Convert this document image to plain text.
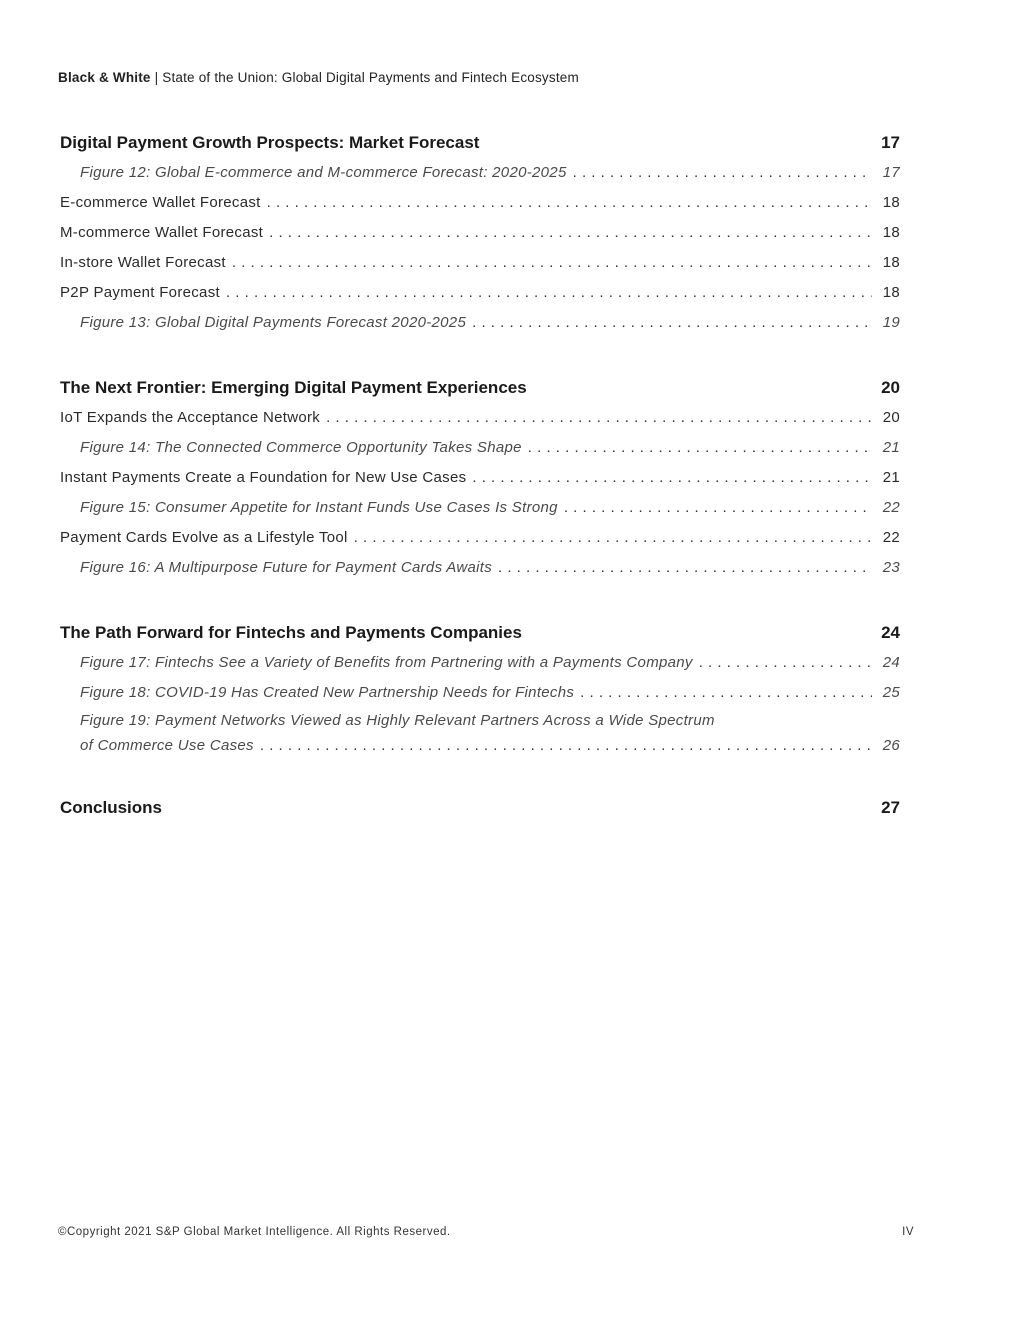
Black & White | State of the Union: Global Digital Payments and Fintech Ecosystem
Digital Payment Growth Prospects: Market Forecast	17
Figure 12: Global E-commerce and M-commerce Forecast: 2020-2025 . . .	17
E-commerce Wallet Forecast . . .	18
M-commerce Wallet Forecast . . .	18
In-store Wallet Forecast . . .	18
P2P Payment Forecast . . .	18
Figure 13: Global Digital Payments Forecast 2020-2025 . . .	19
The Next Frontier: Emerging Digital Payment Experiences	20
IoT Expands the Acceptance Network . . .	20
Figure 14: The Connected Commerce Opportunity Takes Shape . . .	21
Instant Payments Create a Foundation for New Use Cases . . .	21
Figure 15: Consumer Appetite for Instant Funds Use Cases Is Strong . . .	22
Payment Cards Evolve as a Lifestyle Tool . . .	22
Figure 16: A Multipurpose Future for Payment Cards Awaits . . .	23
The Path Forward for Fintechs and Payments Companies	24
Figure 17: Fintechs See a Variety of Benefits from Partnering with a Payments Company . . .	24
Figure 18: COVID-19 Has Created New Partnership Needs for Fintechs . . .	25
Figure 19: Payment Networks Viewed as Highly Relevant Partners Across a Wide Spectrum
of Commerce Use Cases . . .	26
Conclusions	27
©Copyright 2021 S&P Global Market Intelligence. All Rights Reserved.	IV
